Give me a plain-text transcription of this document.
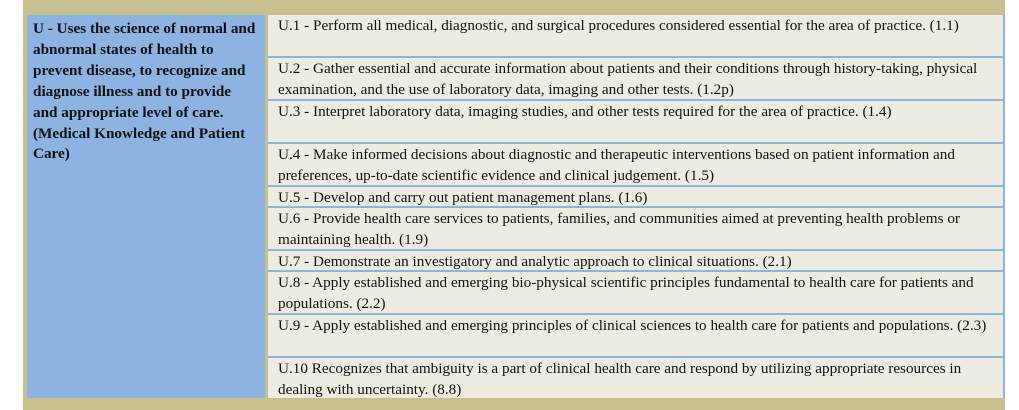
U - Uses the science of normal and abnormal states of health to prevent disease, to recognize and diagnose illness and to provide and appropriate level of care. (Medical Knowledge and Patient Care)
U.1 - Perform all medical, diagnostic, and surgical procedures considered essential for the area of practice. (1.1)
U.2 - Gather essential and accurate information about patients and their conditions through history-taking, physical examination, and the use of laboratory data, imaging and other tests. (1.2p)
U.3 - Interpret laboratory data, imaging studies, and other tests required for the area of practice. (1.4)
U.4 - Make informed decisions about diagnostic and therapeutic interventions based on patient information and preferences, up-to-date scientific evidence and clinical judgement. (1.5)
U.5 - Develop and carry out patient management plans. (1.6)
U.6 - Provide health care services to patients, families, and communities aimed at preventing health problems or maintaining health. (1.9)
U.7 - Demonstrate an investigatory and analytic approach to clinical situations. (2.1)
U.8 - Apply established and emerging bio-physical scientific principles fundamental to health care for patients and populations. (2.2)
U.9 - Apply established and emerging principles of clinical sciences to health care for patients and populations. (2.3)
U.10 Recognizes that ambiguity is a part of clinical health care and respond by utilizing appropriate resources in dealing with uncertainty. (8.8)
